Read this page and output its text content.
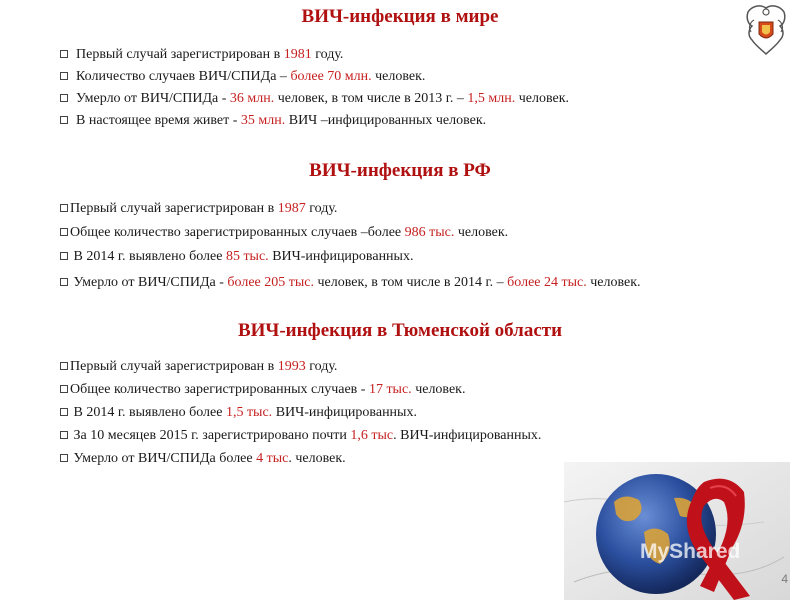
ВИЧ-инфекция в мире
Первый случай зарегистрирован в 1981 году.
Количество случаев ВИЧ/СПИДа – более 70 млн. человек.
Умерло от ВИЧ/СПИДа - 36 млн. человек, в том числе в 2013 г. – 1,5 млн. человек.
В настоящее время живет - 35 млн. ВИЧ –инфицированных человек.
ВИЧ-инфекция в РФ
Первый случай зарегистрирован в 1987 году.
Общее количество зарегистрированных случаев –более 986 тыс. человек.
В 2014 г. выявлено более 85 тыс. ВИЧ-инфицированных.
Умерло от ВИЧ/СПИДа - более 205 тыс. человек, в том числе в 2014 г. – более 24 тыс. человек.
ВИЧ-инфекция в Тюменской области
Первый случай зарегистрирован в 1993 году.
Общее количество зарегистрированных случаев - 17 тыс. человек.
В 2014 г. выявлено более 1,5 тыс. ВИЧ-инфицированных.
За 10 месяцев 2015 г. зарегистрировано почти 1,6 тыс. ВИЧ-инфицированных.
Умерло от ВИЧ/СПИДа более 4 тыс. человек.
MyShared
4
